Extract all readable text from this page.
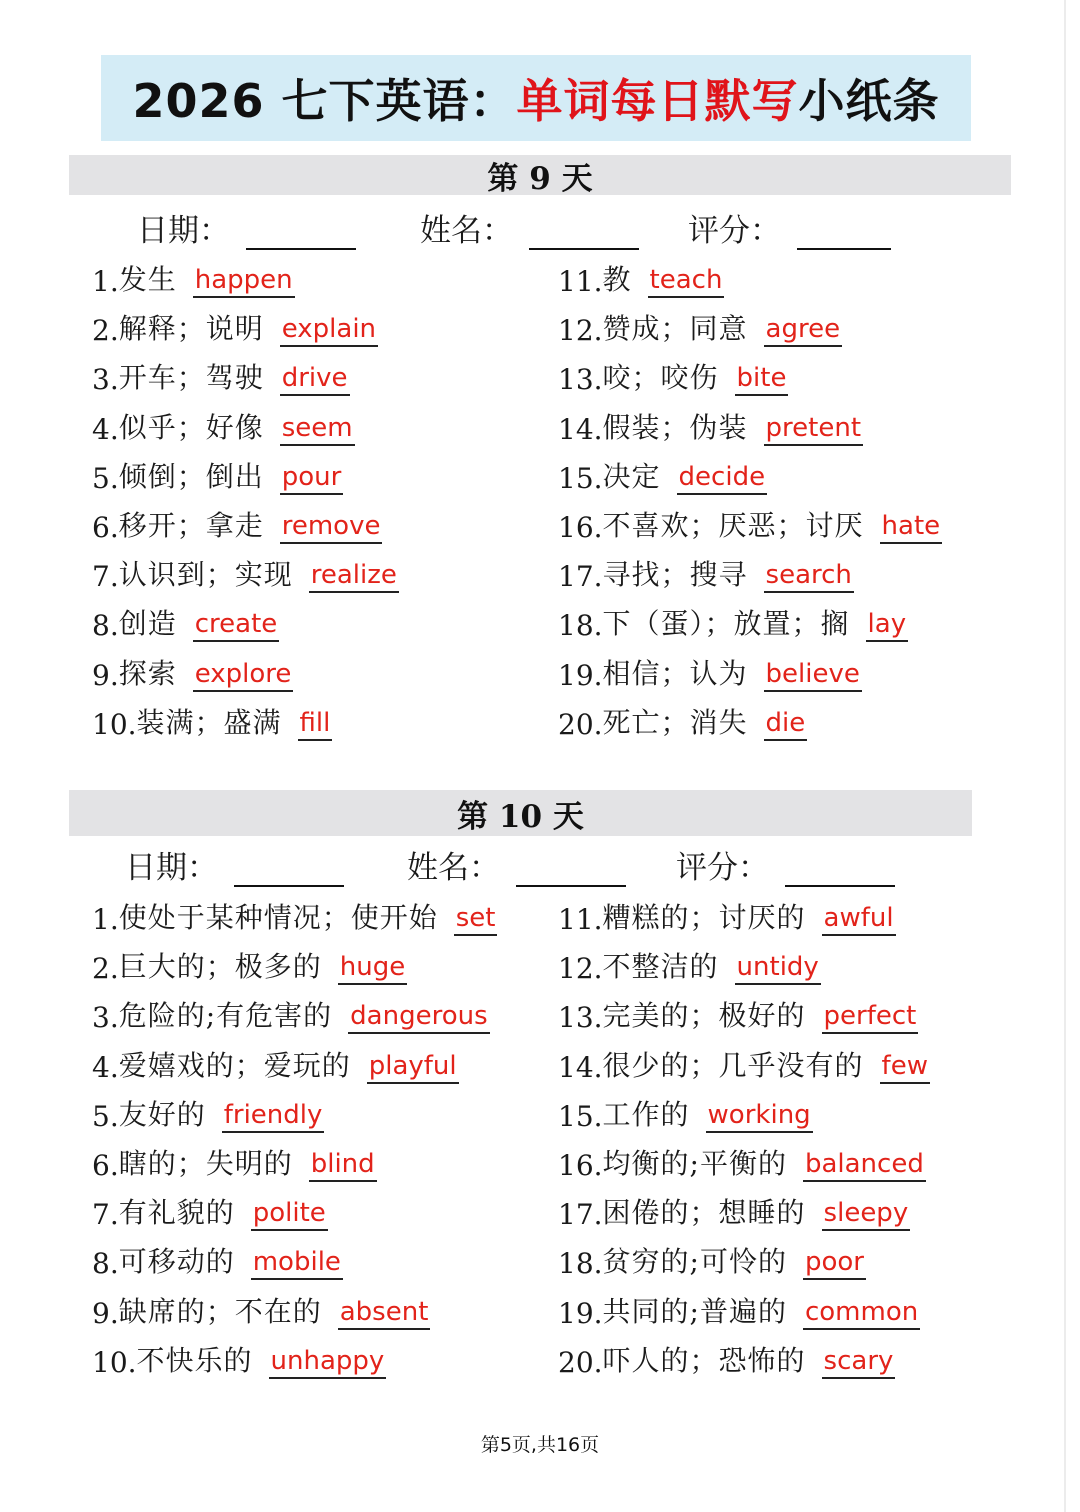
2026 七下英语： 单词每日默写 小纸条
第 9 天
日期：	姓名：	评分：
1. 发生 happen
2. 解释；说明 explain
3. 开车；驾驶 drive
4. 似乎；好像 seem
5. 倾倒；倒出 pour
6. 移开；拿走 remove
7. 认识到；实现 realize
8. 创造 create
9. 探索 explore
10. 装满；盛满 fill
11. 教 teach
12. 赞成；同意 agree
13. 咬；咬伤 bite
14. 假装；伪装 pretent
15. 决定 decide
16. 不喜欢；厌恶；讨厌 hate
17. 寻找；搜寻 search
18. 下（蛋）；放置；搁 lay
19. 相信；认为 believe
20. 死亡；消失 die
第 10 天
日期：	姓名：	评分：
1. 使处于某种情况；使开始 set
2. 巨大的；极多的 huge
3. 危险的;有危害的 dangerous
4. 爱嬉戏的；爱玩的 playful
5. 友好的 friendly
6. 瞎的；失明的 blind
7. 有礼貌的 polite
8. 可移动的 mobile
9. 缺席的；不在的 absent
10. 不快乐的 unhappy
11. 糟糕的；讨厌的 awful
12. 不整洁的 untidy
13. 完美的；极好的 perfect
14. 很少的；几乎没有的 few
15. 工作的 working
16. 均衡的;平衡的 balanced
17. 困倦的；想睡的 sleepy
18. 贫穷的;可怜的 poor
19. 共同的;普遍的 common
20. 吓人的；恐怖的 scary
第5页,共16页
